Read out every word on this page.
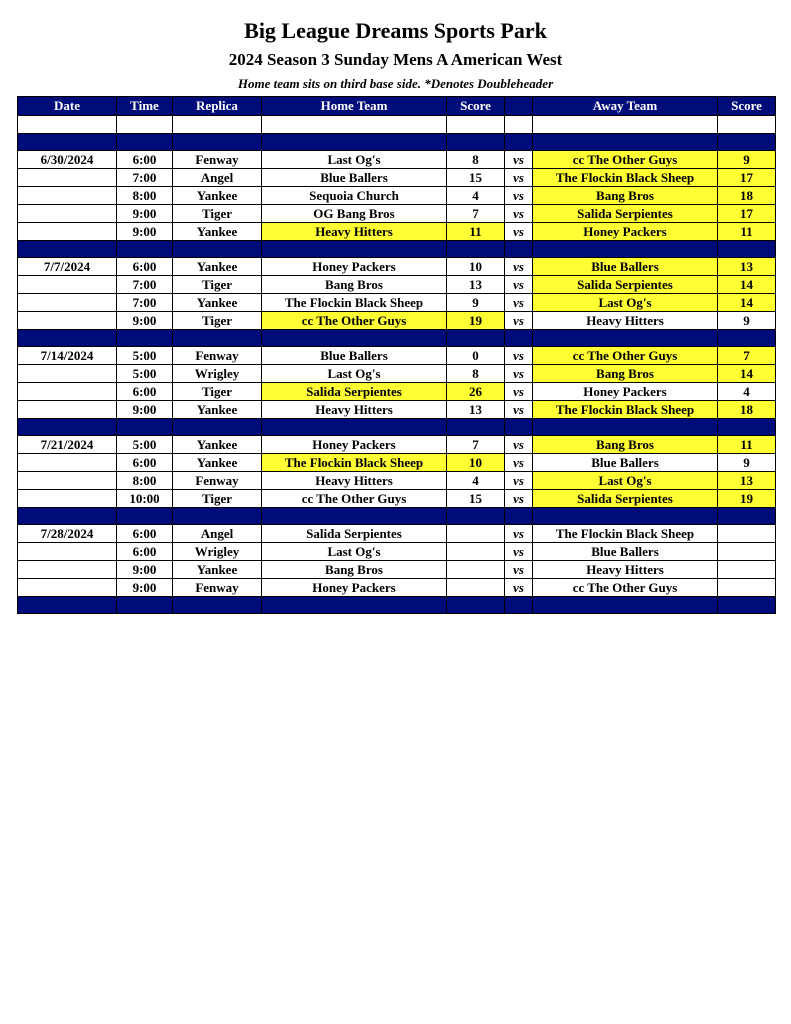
Big League Dreams Sports Park
2024 Season 3 Sunday Mens A American West

Home team sits on third base side. *Denotes Doubleheader

Date	Time	Replica	Home Team	Score		Away Team	Score

6/30/2024	6:00	Fenway	Last Og's	8	vs	cc The Other Guys	9
	7:00	Angel	Blue Ballers	15	vs	The Flockin Black Sheep	17
	8:00	Yankee	Sequoia Church	4	vs	Bang Bros	18
	9:00	Tiger	OG Bang Bros	7	vs	Salida Serpientes	17
	9:00	Yankee	Heavy Hitters	11	vs	Honey Packers	11

7/7/2024	6:00	Yankee	Honey Packers	10	vs	Blue Ballers	13
	7:00	Tiger	Bang Bros	13	vs	Salida Serpientes	14
	7:00	Yankee	The Flockin Black Sheep	9	vs	Last Og's	14
	9:00	Tiger	cc The Other Guys	19	vs	Heavy Hitters	9

7/14/2024	5:00	Fenway	Blue Ballers	0	vs	cc The Other Guys	7
	5:00	Wrigley	Last Og's	8	vs	Bang Bros	14
	6:00	Tiger	Salida Serpientes	26	vs	Honey Packers	4
	9:00	Yankee	Heavy Hitters	13	vs	The Flockin Black Sheep	18

7/21/2024	5:00	Yankee	Honey Packers	7	vs	Bang Bros	11
	6:00	Yankee	The Flockin Black Sheep	10	vs	Blue Ballers	9
	8:00	Fenway	Heavy Hitters	4	vs	Last Og's	13
	10:00	Tiger	cc The Other Guys	15	vs	Salida Serpientes	19

7/28/2024	6:00	Angel	Salida Serpientes		vs	The Flockin Black Sheep	
	6:00	Wrigley	Last Og's		vs	Blue Ballers	
	9:00	Yankee	Bang Bros		vs	Heavy Hitters	
	9:00	Fenway	Honey Packers		vs	cc The Other Guys	
